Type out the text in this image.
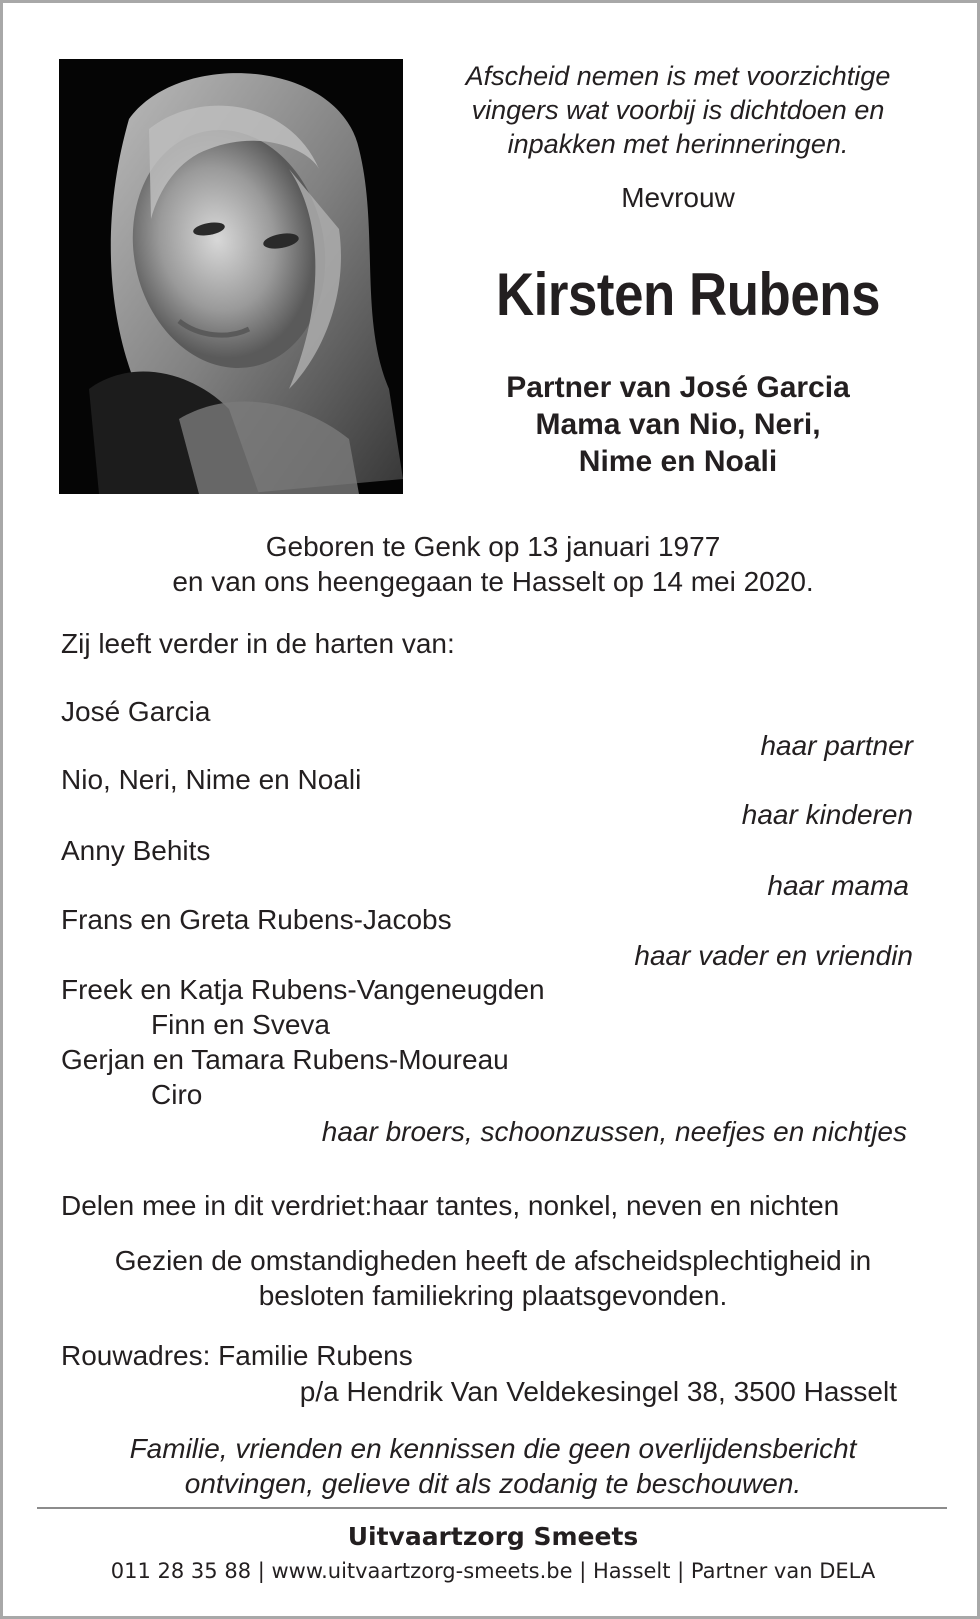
Afscheid nemen is met voorzichtige
vingers wat voorbij is dichtdoen en
inpakken met herinneringen.
Mevrouw
Kirsten Rubens
Partner van José Garcia
Mama van Nio, Neri,
Nime en Noali
Geboren te Genk op 13 januari 1977
en van ons heengegaan te Hasselt op 14 mei 2020.
Zij leeft verder in de harten van:
José Garcia
haar partner
Nio, Neri, Nime en Noali
haar kinderen
Anny Behits
haar mama
Frans en Greta Rubens-Jacobs
haar vader en vriendin
Freek en Katja Rubens-Vangeneugden
Finn en Sveva
Gerjan en Tamara Rubens-Moureau
Ciro
haar broers, schoonzussen, neefjes en nichtjes
Delen mee in dit verdriet:haar tantes, nonkel, neven en nichten
Gezien de omstandigheden heeft de afscheidsplechtigheid in
besloten familiekring plaatsgevonden.
Rouwadres: Familie Rubens
p/a Hendrik Van Veldekesingel 38, 3500 Hasselt
Familie, vrienden en kennissen die geen overlijdensbericht
ontvingen, gelieve dit als zodanig te beschouwen.
Uitvaartzorg Smeets
011 28 35 88 | www.uitvaartzorg-smeets.be | Hasselt | Partner van DELA
